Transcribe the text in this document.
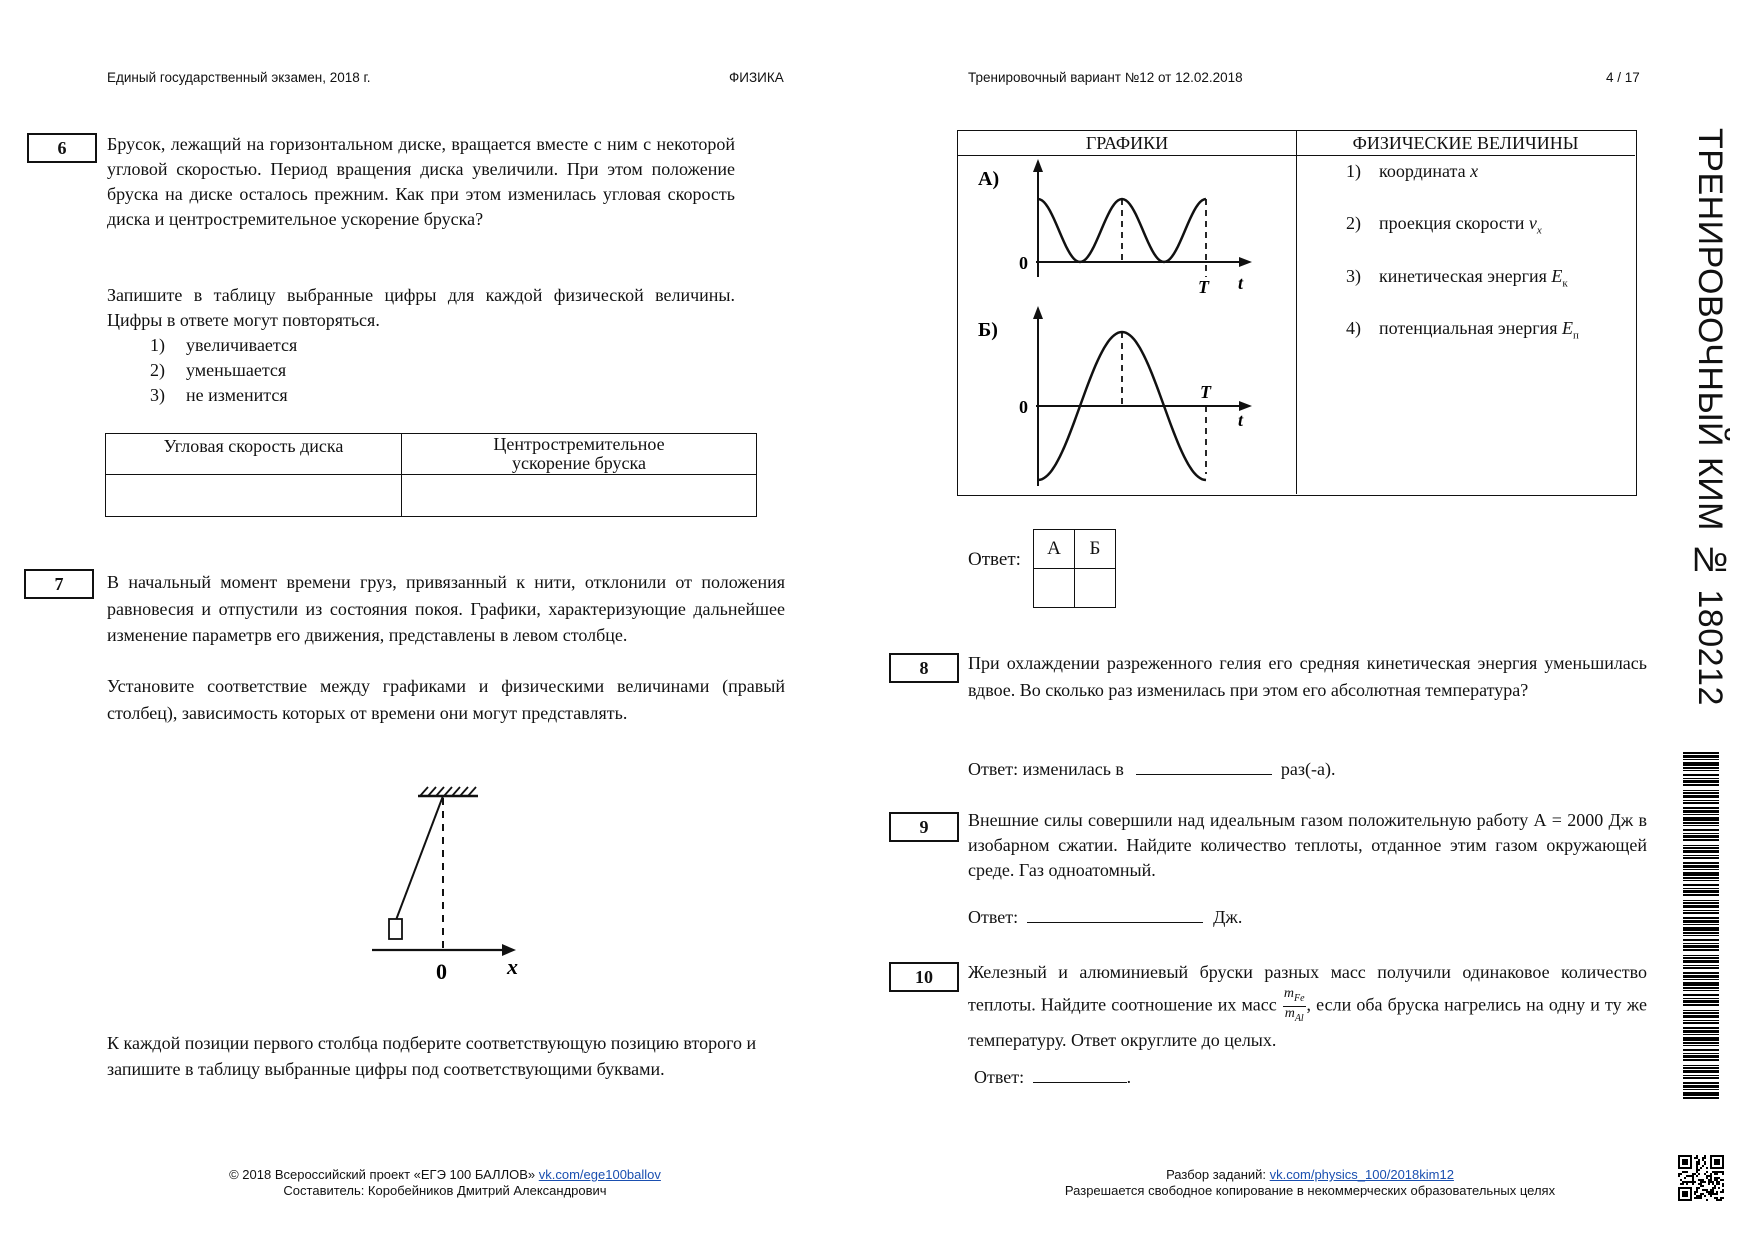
Единый государственный экзамен, 2018 г.	ФИЗИКА	Тренировочный вариант №12 от 12.02.2018	4 / 17
ТРЕНИРОВОЧНЫЙ КИМ № 180212
6	Брусок, лежащий на горизонтальном диске, вращается вместе с ним с некоторой угловой скоростью. Период вращения диска увеличили. При этом положение бруска на диске осталось прежним. Как при этом изменилась угловая скорость диска и центростремительное ускорение бруска?
Запишите в таблицу выбранные цифры для каждой физической величины. Цифры в ответе могут повторяться.
1) увеличивается
2) уменьшается
3) не изменится
Угловая скорость диска	Центростремительное
ускорение бруска

7	В начальный момент времени груз, привязанный к нити, отклонили от положения равновесия и отпустили из состояния покоя. Графики, характеризующие дальнейшее изменение параметрв его движения, представлены в левом столбце.
Установите соответствие между графиками и физическими величинами (правый столбец), зависимость которых от времени они могут представлять.
0	x
К каждой позиции первого столбца подберите соответствующую позицию второго и запишите в таблицу выбранные цифры под соответствующими буквами.
ГРАФИКИ	ФИЗИЧЕСКИЕ ВЕЛИЧИНЫ
А)
0
T t
Б)
0
T
t
1) координата x
2) проекция скорости $v_x$
3) кинетическая энергия $E_к$
4) потенциальная энергия $E_п$
Ответ:
А	Б

8	При охлаждении разреженного гелия его средняя кинетическая энергия уменьшилась вдвое. Во сколько раз изменилась при этом его абсолютная температура?
Ответ: изменилась в	раз(-а).
9	Внешние силы совершили над идеальным газом положительную работу А = 2000 Дж в изобарном сжатии. Найдите количество теплоты, отданное этим газом окружающей среде. Газ одноатомный.
Ответ:	Дж.
10	Железный и алюминиевый бруски разных масс получили одинаковое количество теплоты. Найдите соотношение их масс
$m_{Fe}$
$m_{Al}$
, если оба бруска нагрелись на одну и ту же температуру. Ответ округлите до целых.
Ответ:	.
© 2018 Всероссийский проект «ЕГЭ 100 БАЛЛОВ» vk.com/ege100ballov
Составитель: Коробейников Дмитрий Александрович
Разбор заданий: vk.com/physics_100/2018kim12
Разрешается свободное копирование в некоммерческих образовательных целях
